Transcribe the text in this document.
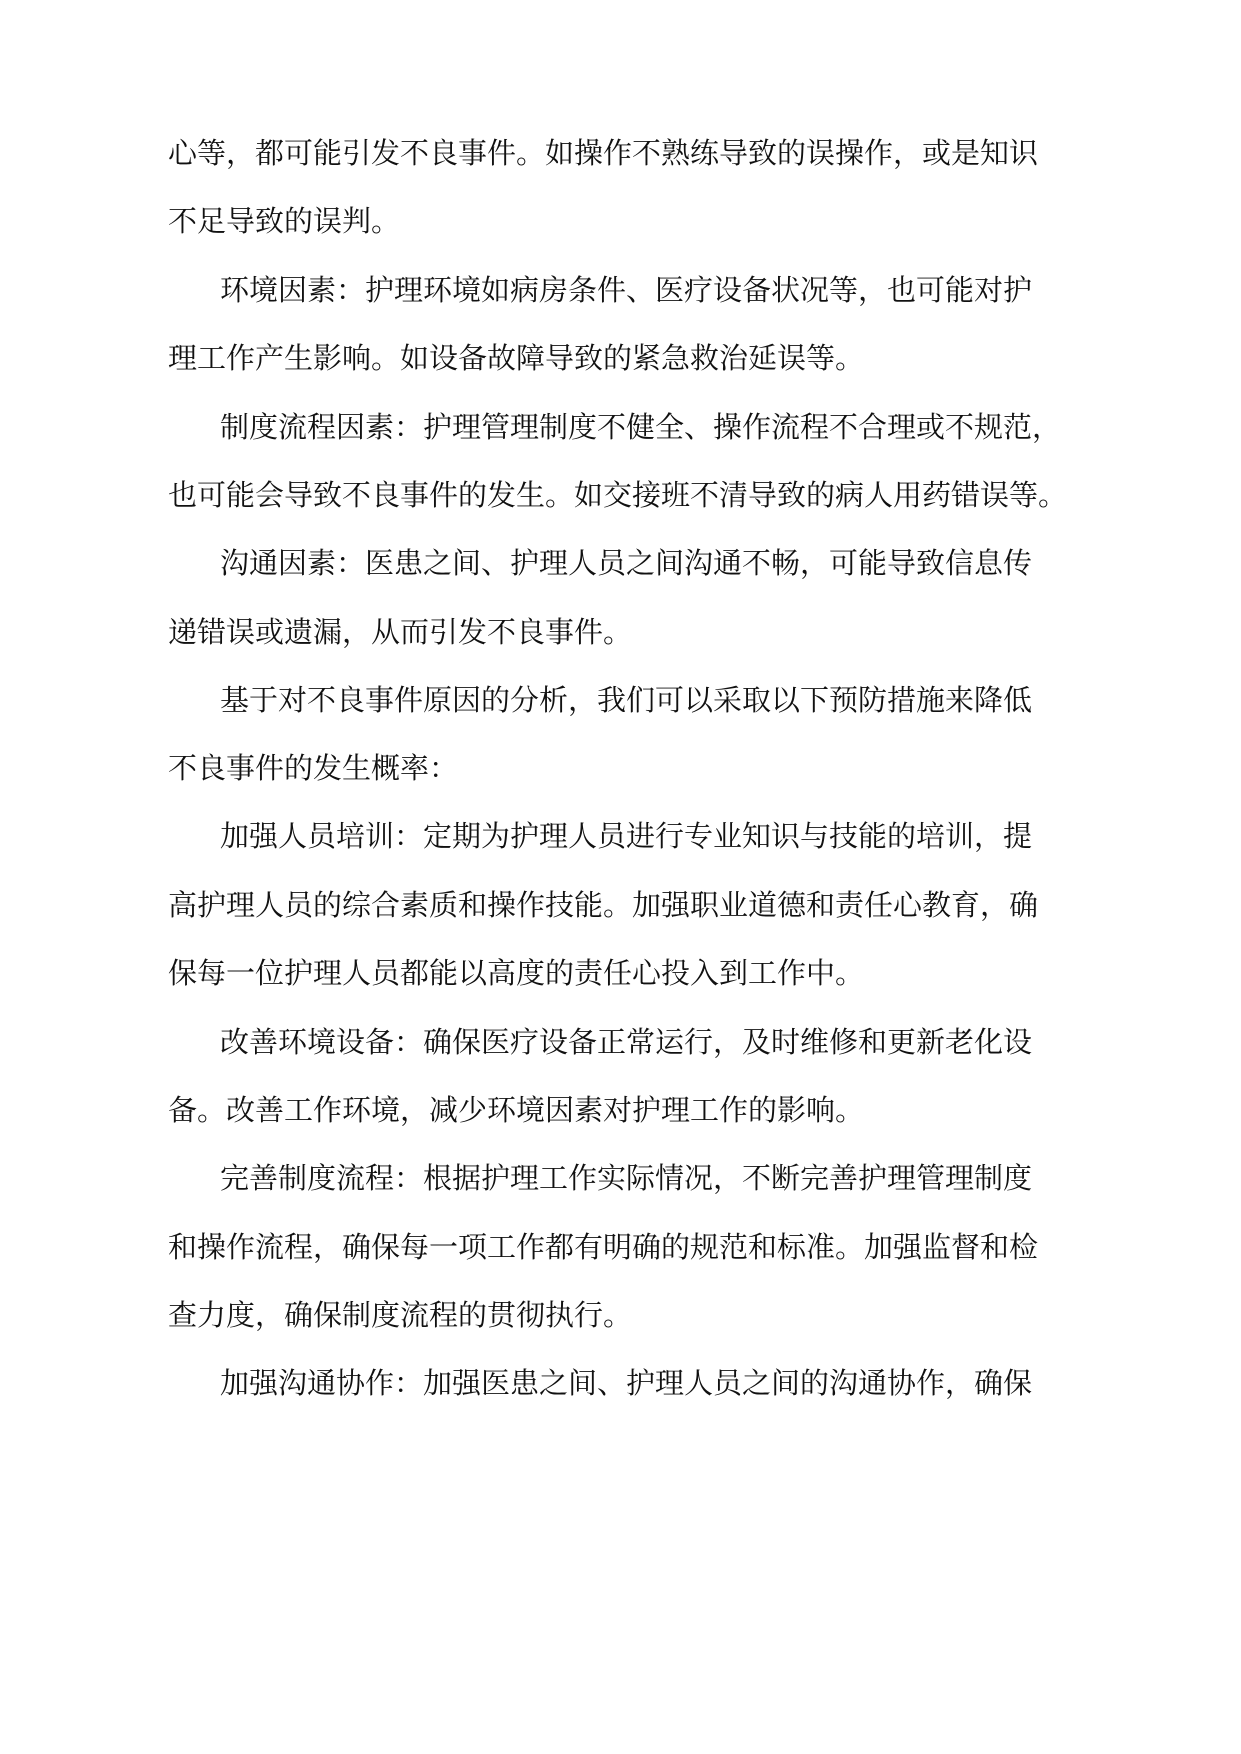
心等，都可能引发不良事件。如操作不熟练导致的误操作，或是知识
不足导致的误判。
环境因素：护理环境如病房条件、医疗设备状况等，也可能对护
理工作产生影响。如设备故障导致的紧急救治延误等。
制度流程因素：护理管理制度不健全、操作流程不合理或不规范，
也可能会导致不良事件的发生。如交接班不清导致的病人用药错误等。
沟通因素：医患之间、护理人员之间沟通不畅，可能导致信息传
递错误或遗漏，从而引发不良事件。
基于对不良事件原因的分析，我们可以采取以下预防措施来降低
不良事件的发生概率：
加强人员培训：定期为护理人员进行专业知识与技能的培训，提
高护理人员的综合素质和操作技能。加强职业道德和责任心教育，确
保每一位护理人员都能以高度的责任心投入到工作中。
改善环境设备：确保医疗设备正常运行，及时维修和更新老化设
备。改善工作环境，减少环境因素对护理工作的影响。
完善制度流程：根据护理工作实际情况，不断完善护理管理制度
和操作流程，确保每一项工作都有明确的规范和标准。加强监督和检
查力度，确保制度流程的贯彻执行。
加强沟通协作：加强医患之间、护理人员之间的沟通协作，确保
